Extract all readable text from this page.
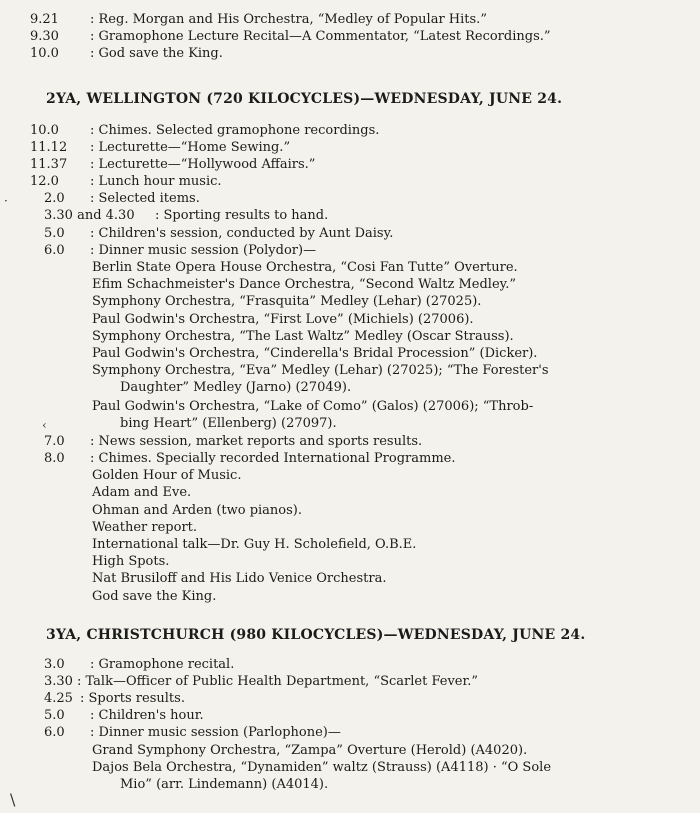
9.21	: Reg. Morgan and His Orchestra, “Medley of Popular Hits.”
9.30	: Gramophone Lecture Recital—A Commentator, “Latest Recordings.”
10.0	: God save the King.
2YA, WELLINGTON (720 KILOCYCLES)—WEDNESDAY, JUNE 24.
10.0	: Chimes. Selected gramophone recordings.
11.12	: Lecturette—“Home Sewing.”
11.37	: Lecturette—“Hollywood Affairs.”
12.0	: Lunch hour music.
2.0	: Selected items.
3.30 and 4.30 : Sporting results to hand.
5.0	: Children's session, conducted by Aunt Daisy.
6.0	: Dinner music session (Polydor)—
Berlin State Opera House Orchestra, “Cosi Fan Tutte” Overture.
Efim Schachmeister's Dance Orchestra, “Second Waltz Medley.”
Symphony Orchestra, “Frasquita” Medley (Lehar) (27025).
Paul Godwin's Orchestra, “First Love” (Michiels) (27006).
Symphony Orchestra, “The Last Waltz” Medley (Oscar Strauss).
Paul Godwin's Orchestra, “Cinderella's Bridal Procession” (Dicker).
Symphony Orchestra, “Eva” Medley (Lehar) (27025); “The Forester's
Daughter” Medley (Jarno) (27049).
Paul Godwin's Orchestra, “Lake of Como” (Galos) (27006); “Throb-
bing Heart” (Ellenberg) (27097).
7.0	: News session, market reports and sports results.
8.0	: Chimes. Specially recorded International Programme.
Golden Hour of Music.
Adam and Eve.
Ohman and Arden (two pianos).
Weather report.
International talk—Dr. Guy H. Scholefield, O.B.E.
High Spots.
Nat Brusiloff and His Lido Venice Orchestra.
God save the King.
3YA, CHRISTCHURCH (980 KILOCYCLES)—WEDNESDAY, JUNE 24.
3.0	: Gramophone recital.
3.30 : Talk—Officer of Public Health Department, “Scarlet Fever.”
4.25 : Sports results.
5.0	: Children's hour.
6.0	: Dinner music session (Parlophone)—
Grand Symphony Orchestra, “Zampa” Overture (Herold) (A4020).
Dajos Bela Orchestra, “Dynamiden” waltz (Strauss) (A4118) · “O Sole
Mio” (arr. Lindemann) (A4014).
·
‹
\
